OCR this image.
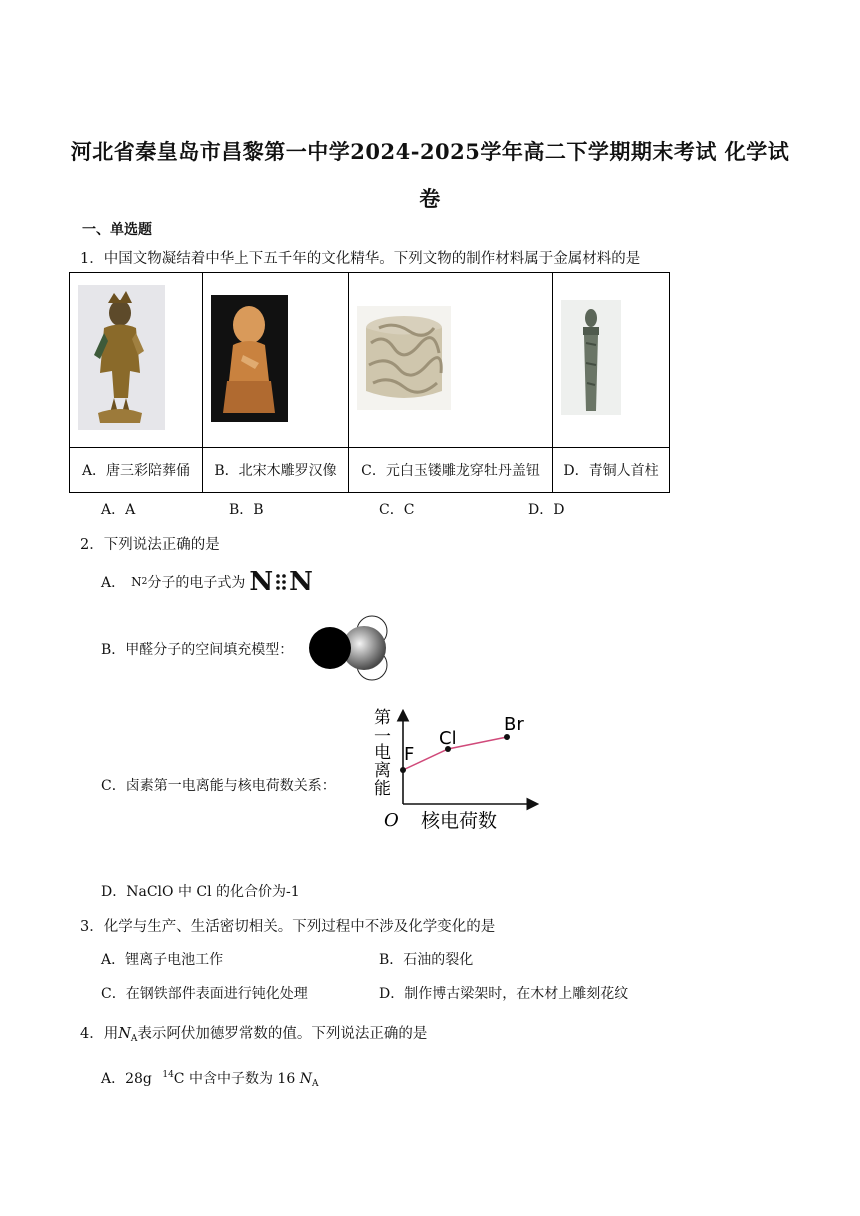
河北省秦皇岛市昌黎第一中学2024-2025学年高二下学期期末考试 化学试
卷
一、单选题
1．中国文物凝结着中华上下五千年的文化精华。下列文物的制作材料属于金属材料的是

A．唐三彩陪葬俑	B．北宋木雕罗汉像	C．元白玉镂雕龙穿牡丹盖钮	D．青铜人首柱
A．A	B．B	C．C	D．D
2．下列说法正确的是
A． N 2 分子的电子式为 N N
B．甲醛分子的空间填充模型：
C．卤素第一电离能与核电荷数关系：
第
一
电
离
能
O 核电荷数
F
Cl
Br
D．NaClO 中 Cl 的化合价为-1
3．化学与生产、生活密切相关。下列过程中不涉及化学变化的是
A．锂离子电池工作	B．石油的裂化
C．在钢铁部件表面进行钝化处理	D．制作博古梁架时，在木材上雕刻花纹
4．用$N_A$表示阿伏加德罗常数的值。下列说法正确的是
A．28g $^{14}$C 中含中子数为 16 $N_A$
